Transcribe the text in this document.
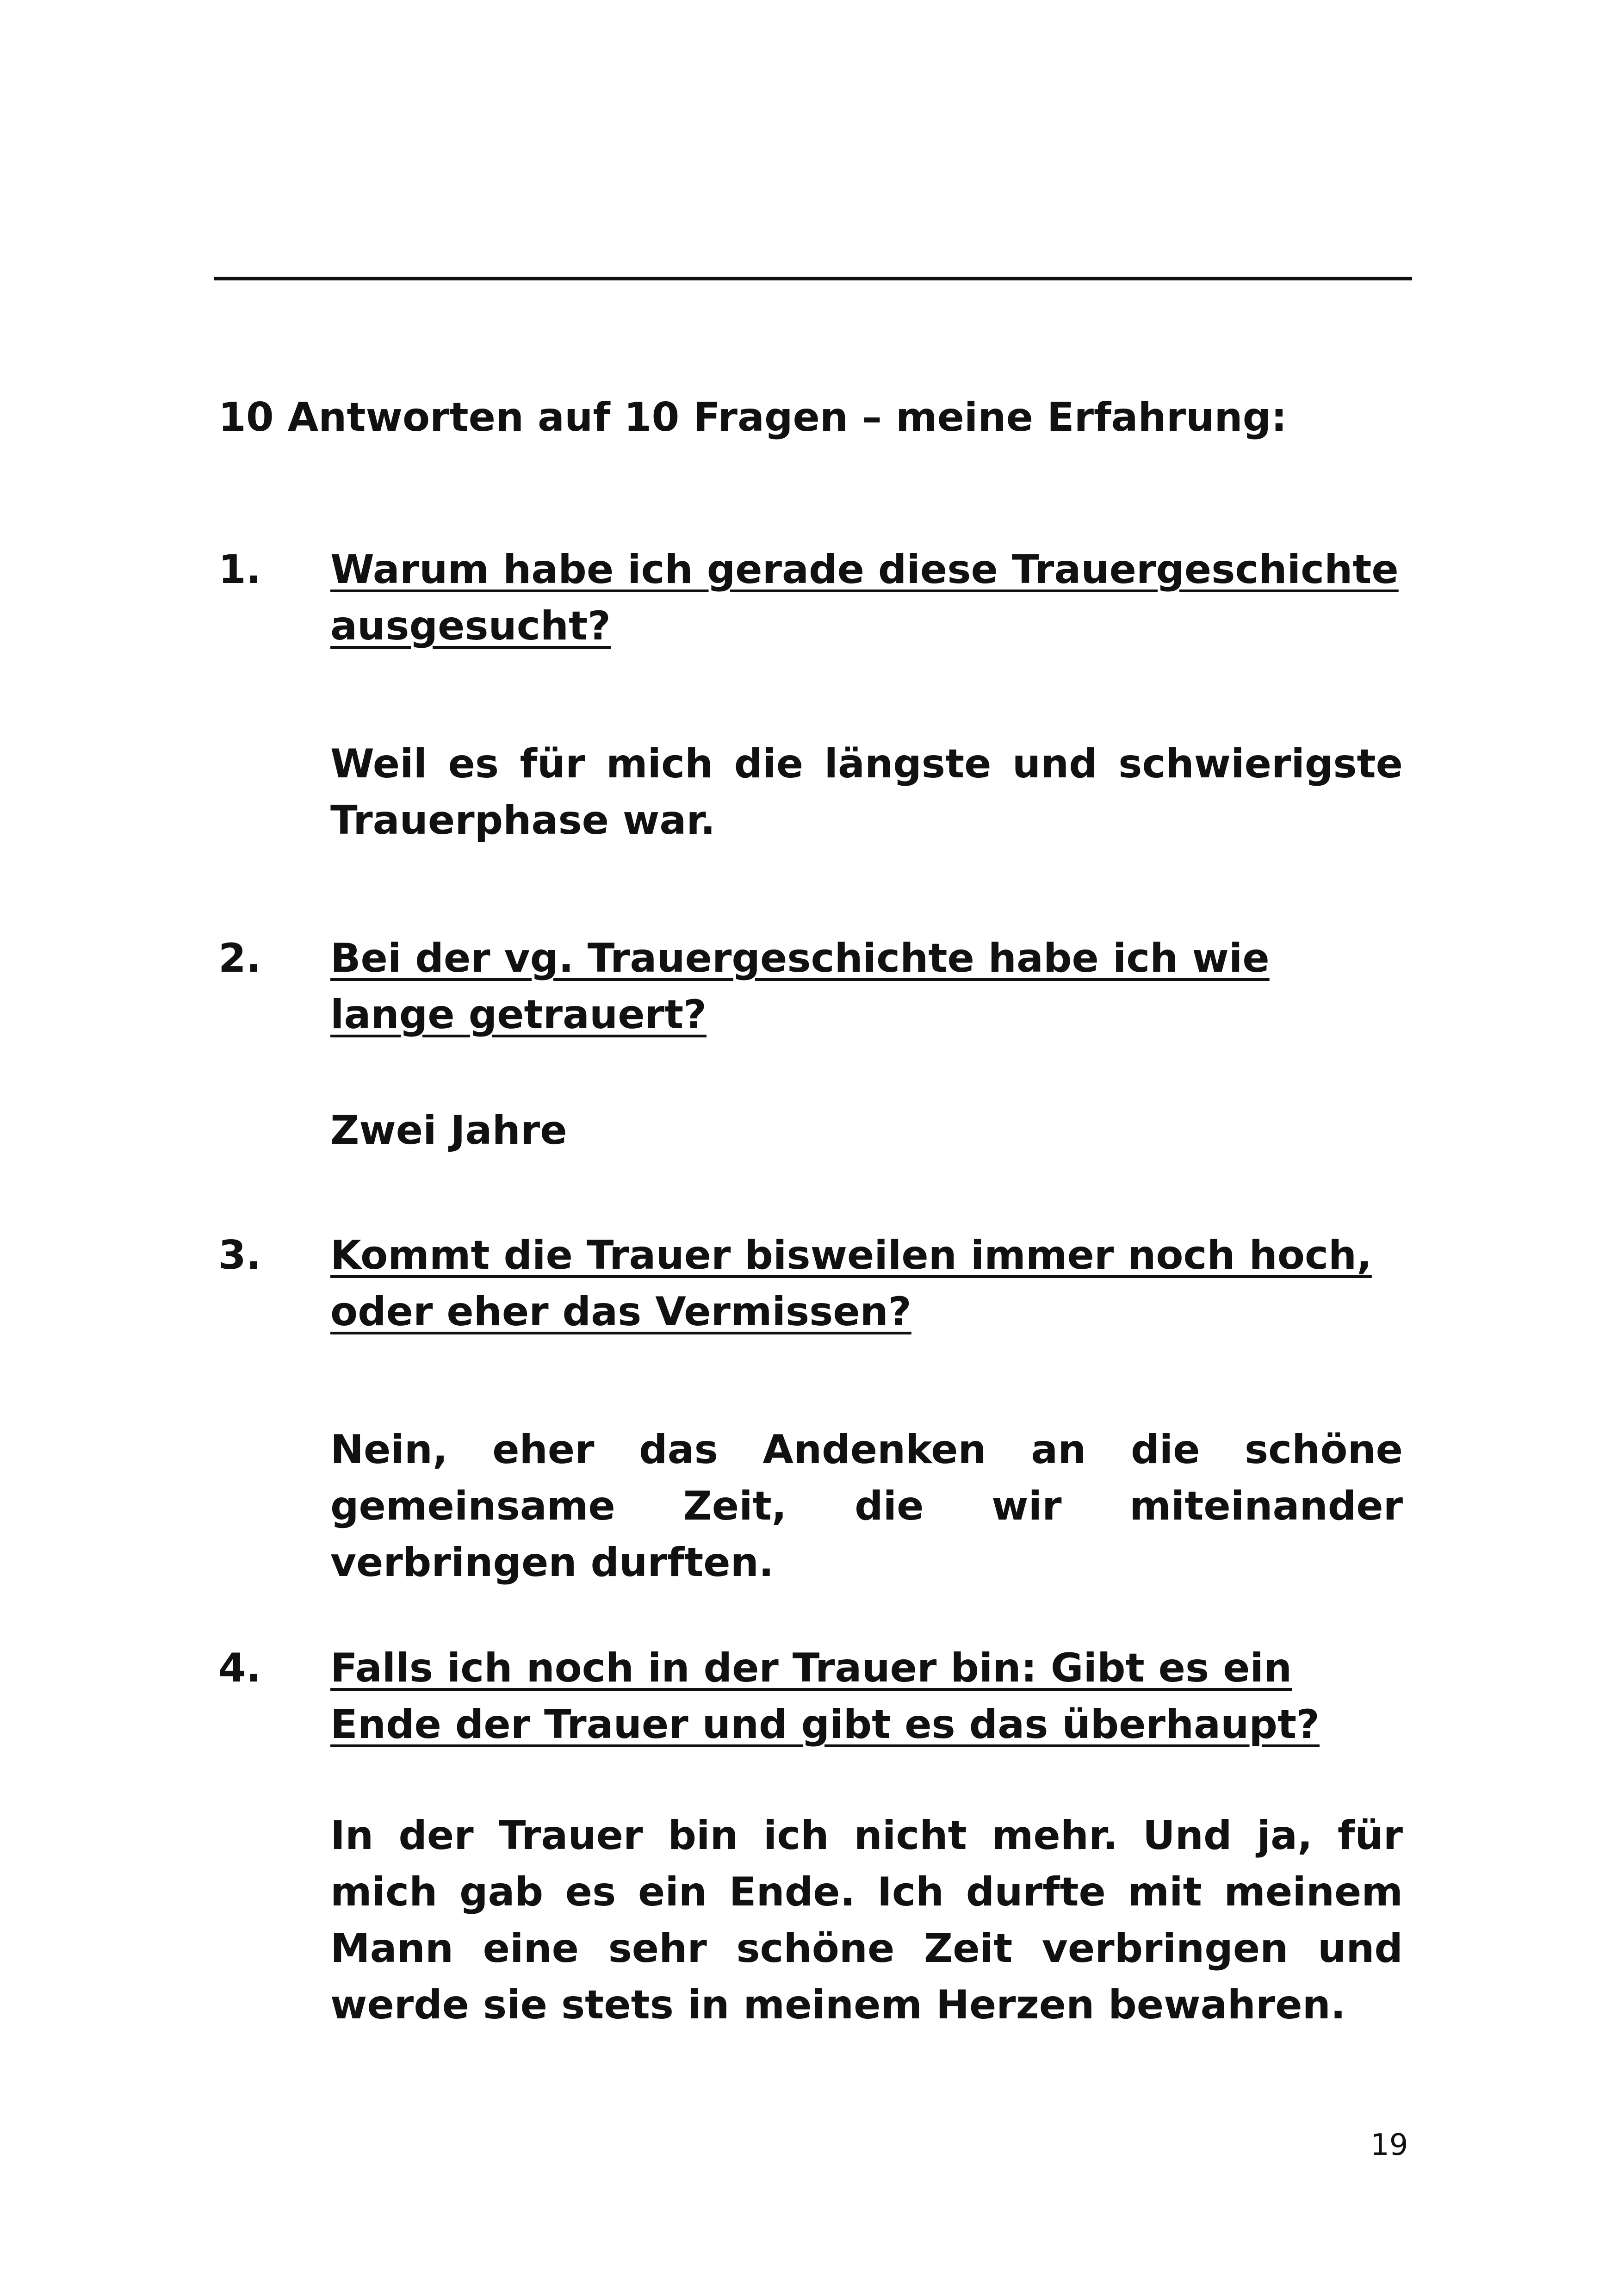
10 Antworten auf 10 Fragen – meine Erfahrung:
1.	Warum habe ich gerade diese Trauergeschichte ausgesucht?
Weil es für mich die längste und schwierigste Trauerphase war.
2.	Bei der vg. Trauergeschichte habe ich wie lange getrauert?
Zwei Jahre
3.	Kommt die Trauer bisweilen immer noch hoch, oder eher das Vermissen?
Nein, eher das Andenken an die schöne gemeinsame Zeit, die wir miteinander verbringen durften.
4.	Falls ich noch in der Trauer bin: Gibt es ein Ende der Trauer und gibt es das überhaupt?
In der Trauer bin ich nicht mehr. Und ja, für mich gab es ein Ende. Ich durfte mit meinem Mann eine sehr schöne Zeit verbringen und werde sie stets in meinem Herzen bewahren.
19
